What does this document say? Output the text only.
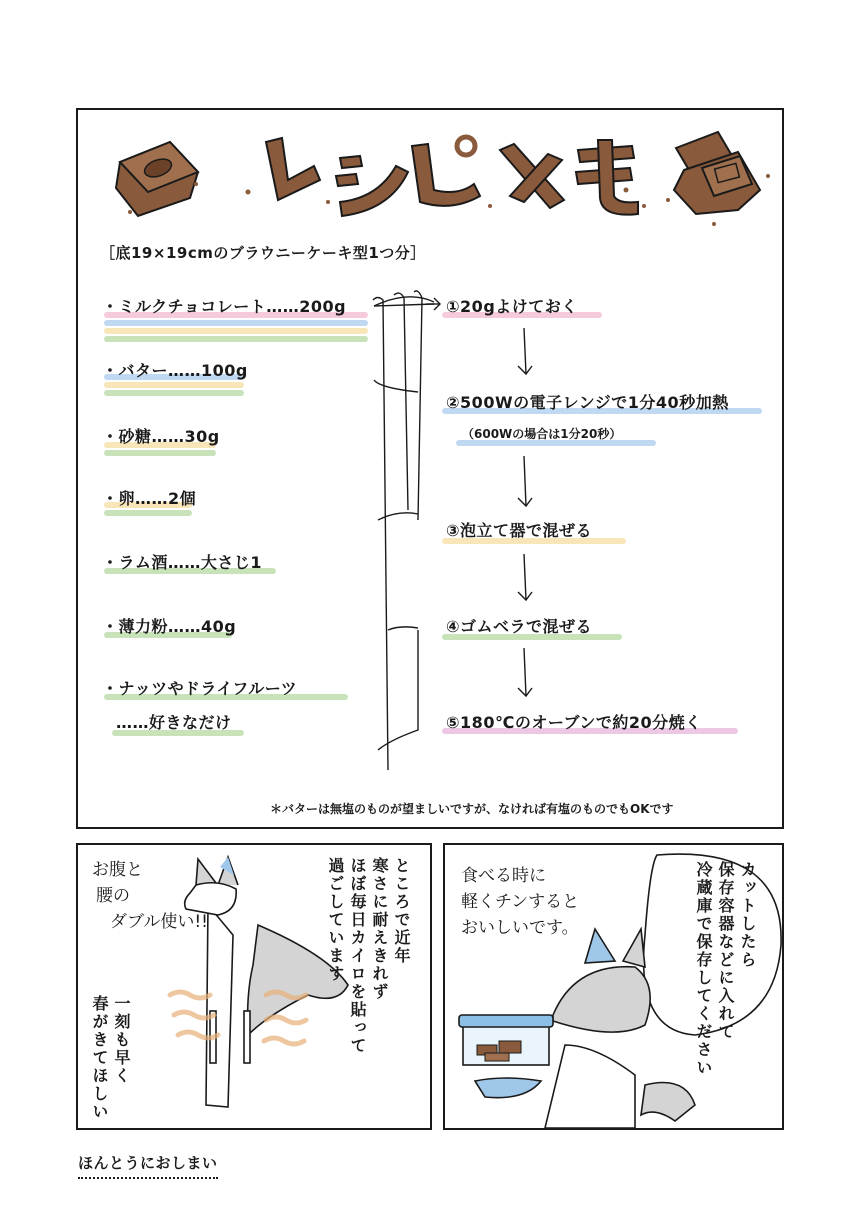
［底19×19cmのブラウニーケーキ型1つ分］
・ミルクチョコレート……200g
・バター……100g
・砂糖……30g
・卵……2個
・ラム酒……大さじ1
・薄力粉……40g
・ナッツやドライフルーツ
……好きなだけ
①20gよけておく
②500Wの電子レンジで1分40秒加熱
（600Wの場合は1分20秒）
③泡立て器で混ぜる
④ゴムベラで混ぜる
⑤180℃のオーブンで約20分焼く
＊バターは無塩のものが望ましいですが、なければ有塩のものでもOKです
お腹と
腰の
ダブル使い!!	ところで近年
寒さに耐えきれず
ほぼ毎日カイロを貼って
過ごしています
一刻も早く
春がきてほしい
食べる時に
軽くチンすると
おいしいです。	カットしたら
保存容器などに入れて
冷蔵庫で保存してください
ほんとうにおしまい
